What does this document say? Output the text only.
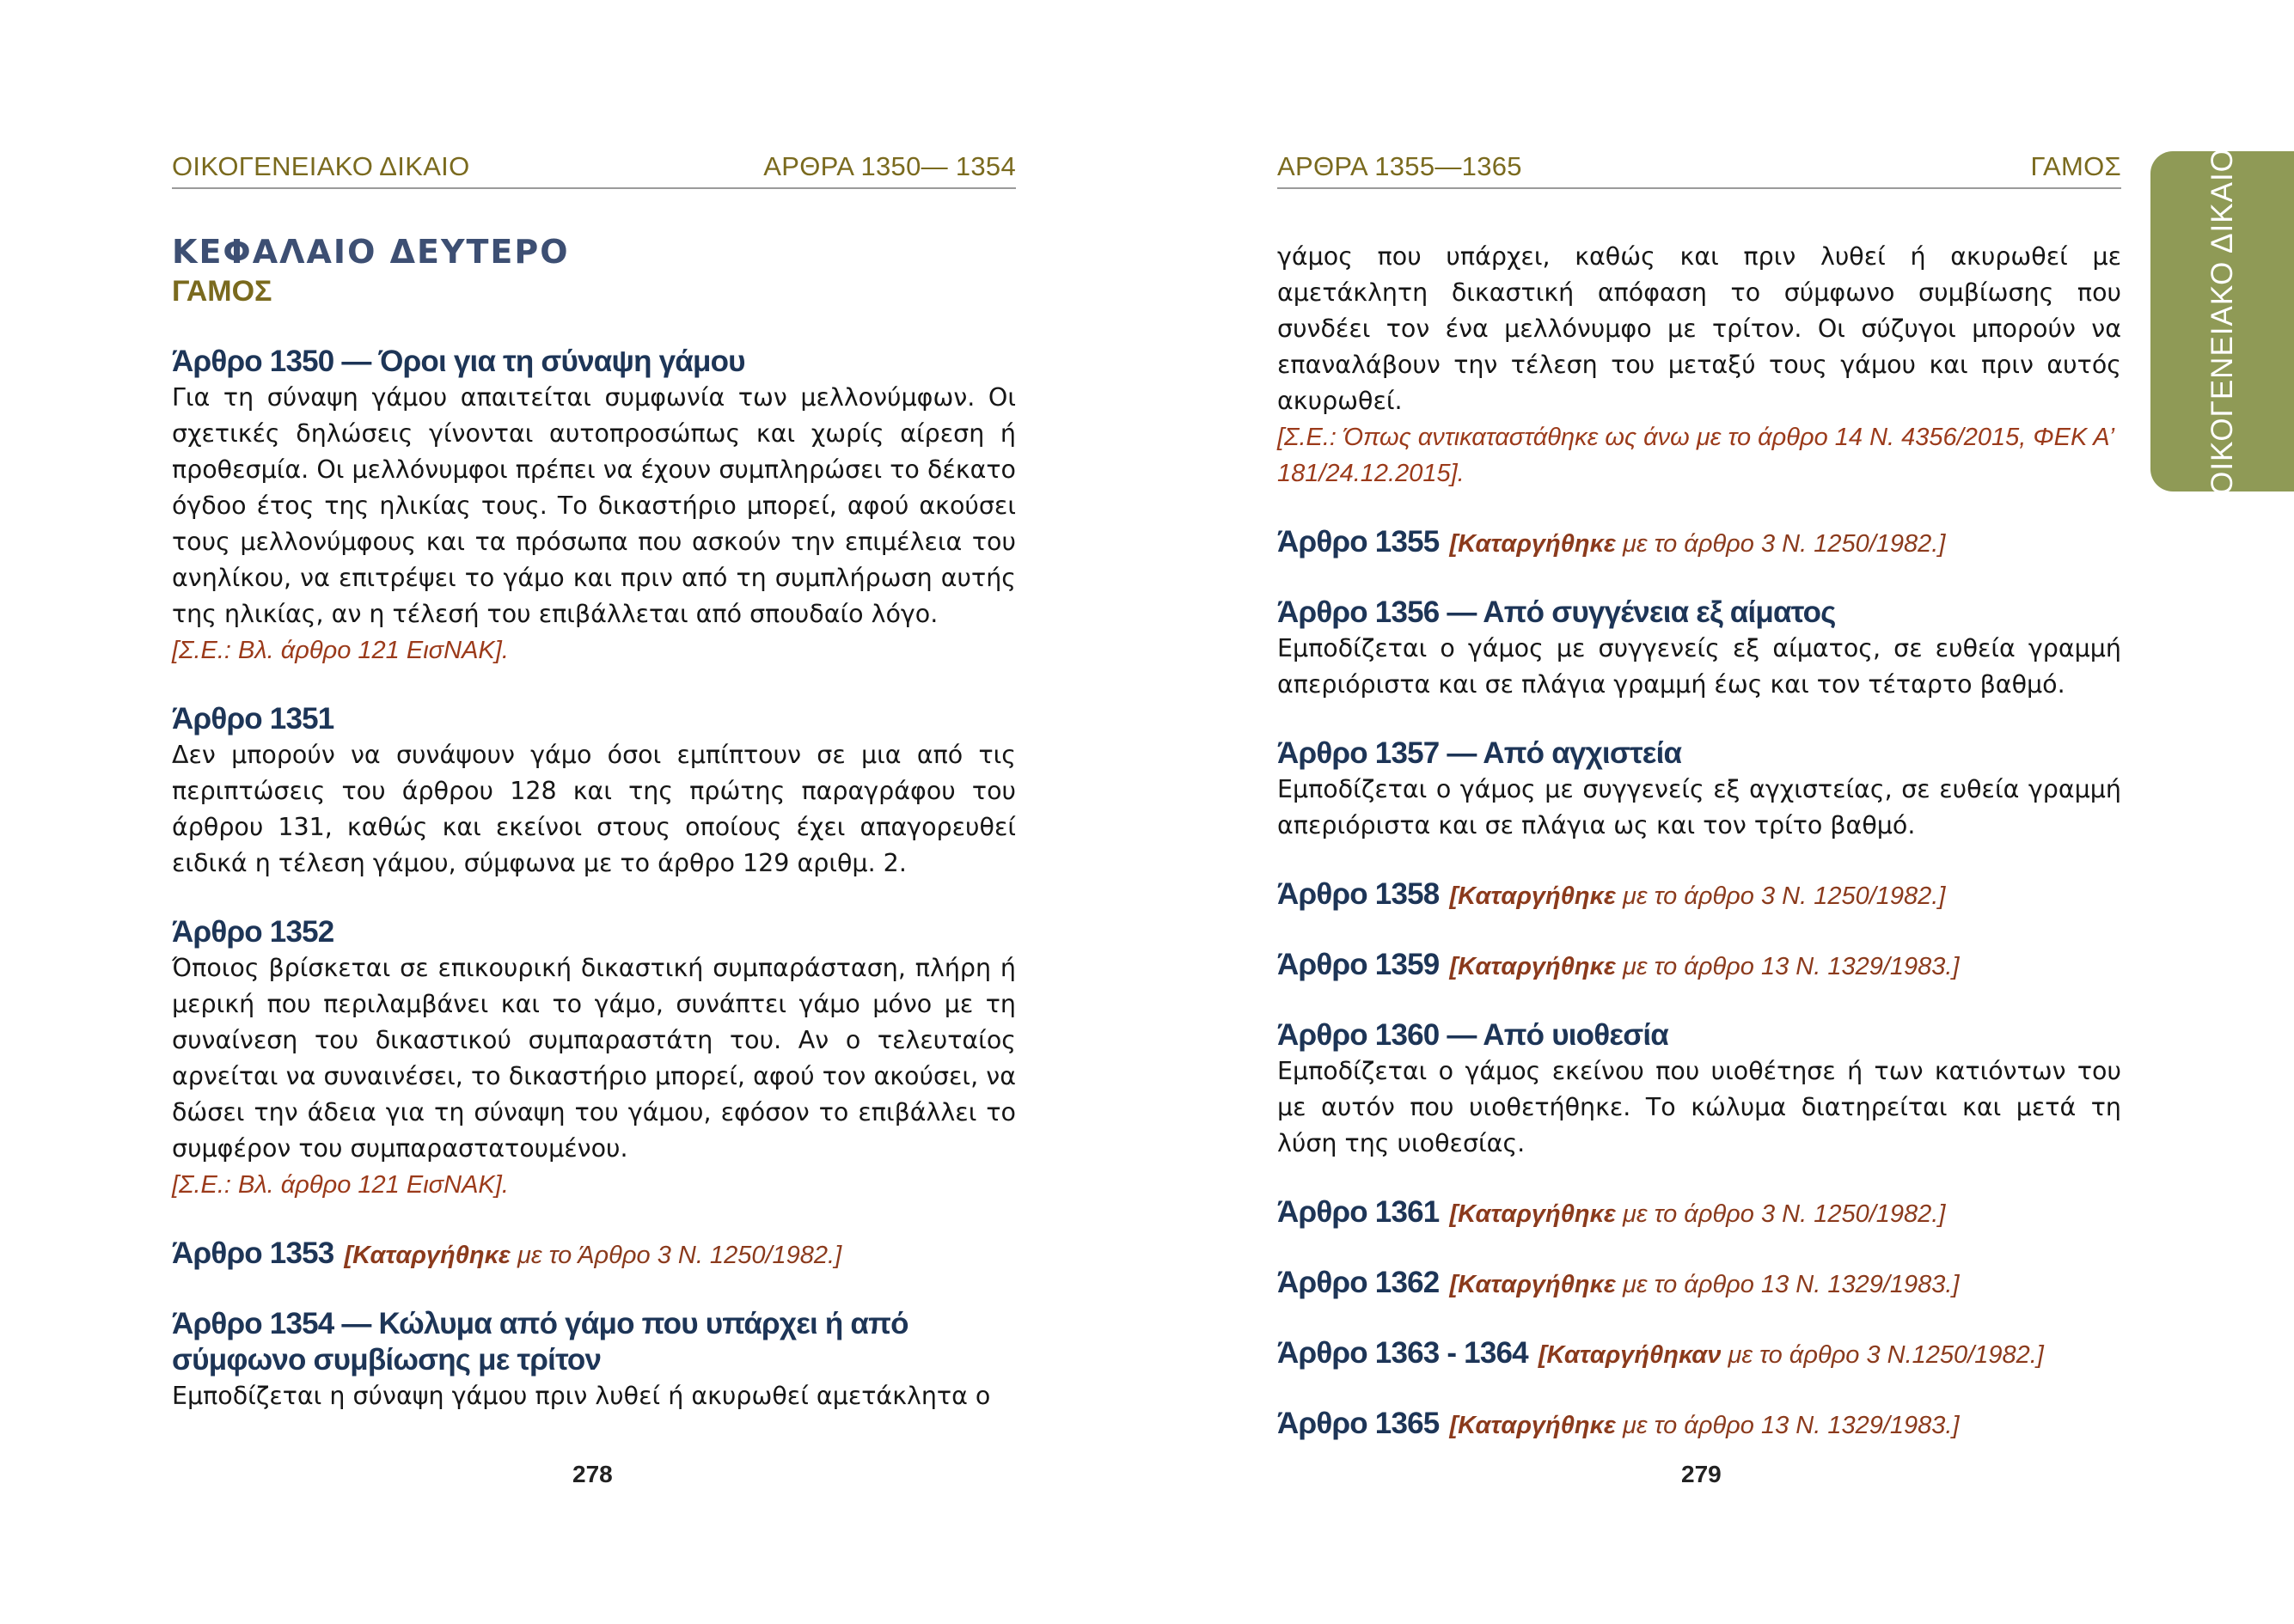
ΟΙΚΟΓΕΝΕΙΑΚΟ ΔΙΚΑΙΟ	ΑΡΘΡΑ 1350— 1354
ΚΕΦΑΛΑΙΟ ΔΕΥΤΕΡΟ
ΓΑΜΟΣ
Άρθρο 1350 — Όροι για τη σύναψη γάμου

Για τη σύναψη γάμου απαιτείται συμφωνία των μελλονύμφων. Οι σχετικές δηλώσεις γίνονται αυτοπροσώπως και χωρίς αίρεση ή προθεσμία. Οι μελλόνυμφοι πρέπει να έχουν συμπληρώσει το δέκατο όγδοο έτος της ηλικίας τους. Το δικαστήριο μπορεί, αφού ακούσει τους μελλονύμφους και τα πρόσωπα που ασκούν την επιμέλεια του ανηλίκου, να επιτρέψει το γάμο και πριν από τη συμπλήρωση αυτής της ηλικίας, αν η τέλεσή του επιβάλλεται από σπουδαίο λόγο.

[Σ.Ε.: Βλ. άρθρο 121 ΕισΝΑΚ].

Άρθρο 1351

Δεν μπορούν να συνάψουν γάμο όσοι εμπίπτουν σε μια από τις περιπτώσεις του άρθρου 128 και της πρώτης παραγράφου του άρθρου 131, καθώς και εκείνοι στους οποίους έχει απαγορευθεί ειδικά η τέλεση γάμου, σύμφωνα με το άρθρο 129 αριθμ. 2.

Άρθρο 1352

Όποιος βρίσκεται σε επικουρική δικαστική συμπαράσταση, πλήρη ή μερική που περιλαμβάνει και το γάμο, συνάπτει γάμο μόνο με τη συναίνεση του δικαστικού συμπαραστάτη του. Αν ο τελευταίος αρνείται να συναινέσει, το δικαστήριο μπορεί, αφού τον ακούσει, να δώσει την άδεια για τη σύναψη του γάμου, εφόσον το επιβάλλει το συμφέρον του συμπαραστατουμένου.

[Σ.Ε.: Βλ. άρθρο 121 ΕισΝΑΚ].

Άρθρο 1353 [Καταργήθηκε με το Άρθρο 3 Ν. 1250/1982.]
Άρθρο 1354 — Κώλυμα από γάμο που υπάρχει ή από σύμφωνο συμβίωσης με τρίτον

Εμποδίζεται η σύναψη γάμου πριν λυθεί ή ακυρωθεί αμετάκλητα ο

278
ΑΡΘΡΑ 1355—1365	ΓΑΜΟΣ

γάμος που υπάρχει, καθώς και πριν λυθεί ή ακυρωθεί με αμετάκλητη δικαστική απόφαση το σύμφωνο συμβίωσης που συνδέει τον ένα μελλόνυμφο με τρίτον. Οι σύζυγοι μπορούν να επαναλάβουν την τέλεση του μεταξύ τους γάμου και πριν αυτός ακυρωθεί.

[Σ.Ε.: Όπως αντικαταστάθηκε ως άνω με το άρθρο 14 Ν. 4356/2015, ΦΕΚ Α’ 181/24.12.2015].

Άρθρο 1355 [Καταργήθηκε με το άρθρο 3 Ν. 1250/1982.]
Άρθρο 1356 — Από συγγένεια εξ αίματος

Εμποδίζεται ο γάμος με συγγενείς εξ αίματος, σε ευθεία γραμμή απεριόριστα και σε πλάγια γραμμή έως και τον τέταρτο βαθμό.

Άρθρο 1357 — Από αγχιστεία

Εμποδίζεται ο γάμος με συγγενείς εξ αγχιστείας, σε ευθεία γραμμή απεριόριστα και σε πλάγια ως και τον τρίτο βαθμό.

Άρθρο 1358 [Καταργήθηκε με το άρθρο 3 Ν. 1250/1982.]
Άρθρο 1359 [Καταργήθηκε με το άρθρο 13 Ν. 1329/1983.]
Άρθρο 1360 — Από υιοθεσία

Εμποδίζεται ο γάμος εκείνου που υιοθέτησε ή των κατιόντων του με αυτόν που υιοθετήθηκε. Το κώλυμα διατηρείται και μετά τη λύση της υιοθεσίας.

Άρθρο 1361 [Καταργήθηκε με το άρθρο 3 Ν. 1250/1982.]
Άρθρο 1362 [Καταργήθηκε με το άρθρο 13 Ν. 1329/1983.]
Άρθρο 1363 - 1364 [Καταργήθηκαν με το άρθρο 3 Ν.1250/1982.]
Άρθρο 1365 [Καταργήθηκε με το άρθρο 13 Ν. 1329/1983.]
279
ΟΙΚΟΓΕΝΕΙΑΚΟ ΔΙΚΑΙΟ
